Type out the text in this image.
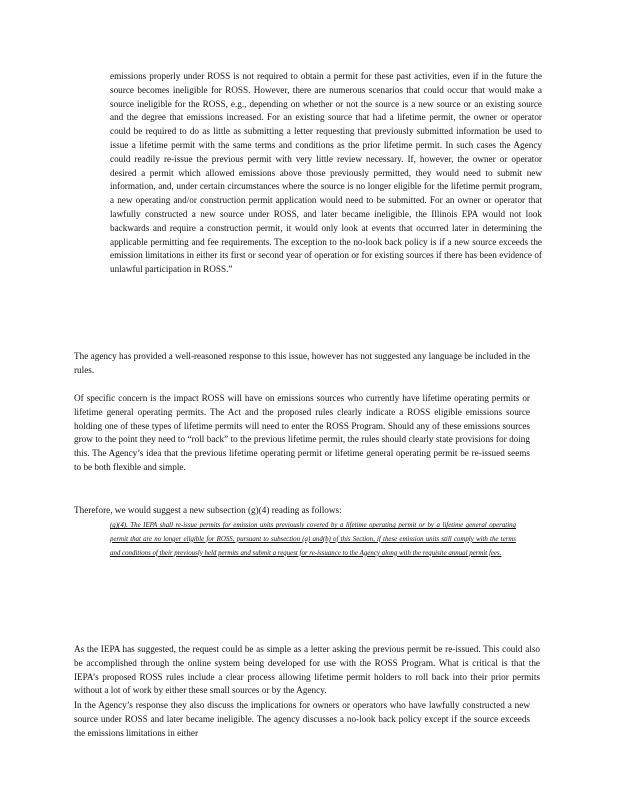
emissions properly under ROSS is not required to obtain a permit for these past activities, even if in the future the source becomes ineligible for ROSS. However, there are numerous scenarios that could occur that would make a source ineligible for the ROSS, e.g., depending on whether or not the source is a new source or an existing source and the degree that emissions increased. For an existing source that had a lifetime permit, the owner or operator could be required to do as little as submitting a letter requesting that previously submitted information be used to issue a lifetime permit with the same terms and conditions as the prior lifetime permit. In such cases the Agency could readily re-issue the previous permit with very little review necessary. If, however, the owner or operator desired a permit which allowed emissions above those previously permitted, they would need to submit new information, and, under certain circumstances where the source is no longer eligible for the lifetime permit program, a new operating and/or construction permit application would need to be submitted. For an owner or operator that lawfully constructed a new source under ROSS, and later became ineligible, the Illinois EPA would not look backwards and require a construction permit, it would only look at events that occurred later in determining the applicable permitting and fee requirements. The exception to the no-look back policy is if a new source exceeds the emission limitations in either its first or second year of operation or for existing sources if there has been evidence of unlawful participation in ROSS.”

The agency has provided a well-reasoned response to this issue, however has not suggested any language be included in the rules.

Of specific concern is the impact ROSS will have on emissions sources who currently have lifetime operating permits or lifetime general operating permits. The Act and the proposed rules clearly indicate a ROSS eligible emissions source holding one of these types of lifetime permits will need to enter the ROSS Program. Should any of these emissions sources grow to the point they need to “roll back” to the previous lifetime permit, the rules should clearly state provisions for doing this. The Agency’s idea that the previous lifetime operating permit or lifetime general operating permit be re-issued seems to be both flexible and simple.

Therefore, we would suggest a new subsection (g)(4) reading as follows:

(g)(4). The IEPA shall re-issue permits for emission units previously covered by a lifetime operating permit or by a lifetime general operating permit that are no longer eligible for ROSS, pursuant to subsection (a) and(b) of this Section, if these emission units still comply with the terms and conditions of their previously held permits and submit a request for re-issuance to the Agency along with the requisite annual permit fees.

As the IEPA has suggested, the request could be as simple as a letter asking the previous permit be re-issued. This could also be accomplished through the online system being developed for use with the ROSS Program. What is critical is that the IEPA’s proposed ROSS rules include a clear process allowing lifetime permit holders to roll back into their prior permits without a lot of work by either these small sources or by the Agency.

In the Agency’s response they also discuss the implications for owners or operators who have lawfully constructed a new source under ROSS and later became ineligible. The agency discusses a no-look back policy except if the source exceeds the emissions limitations in either
